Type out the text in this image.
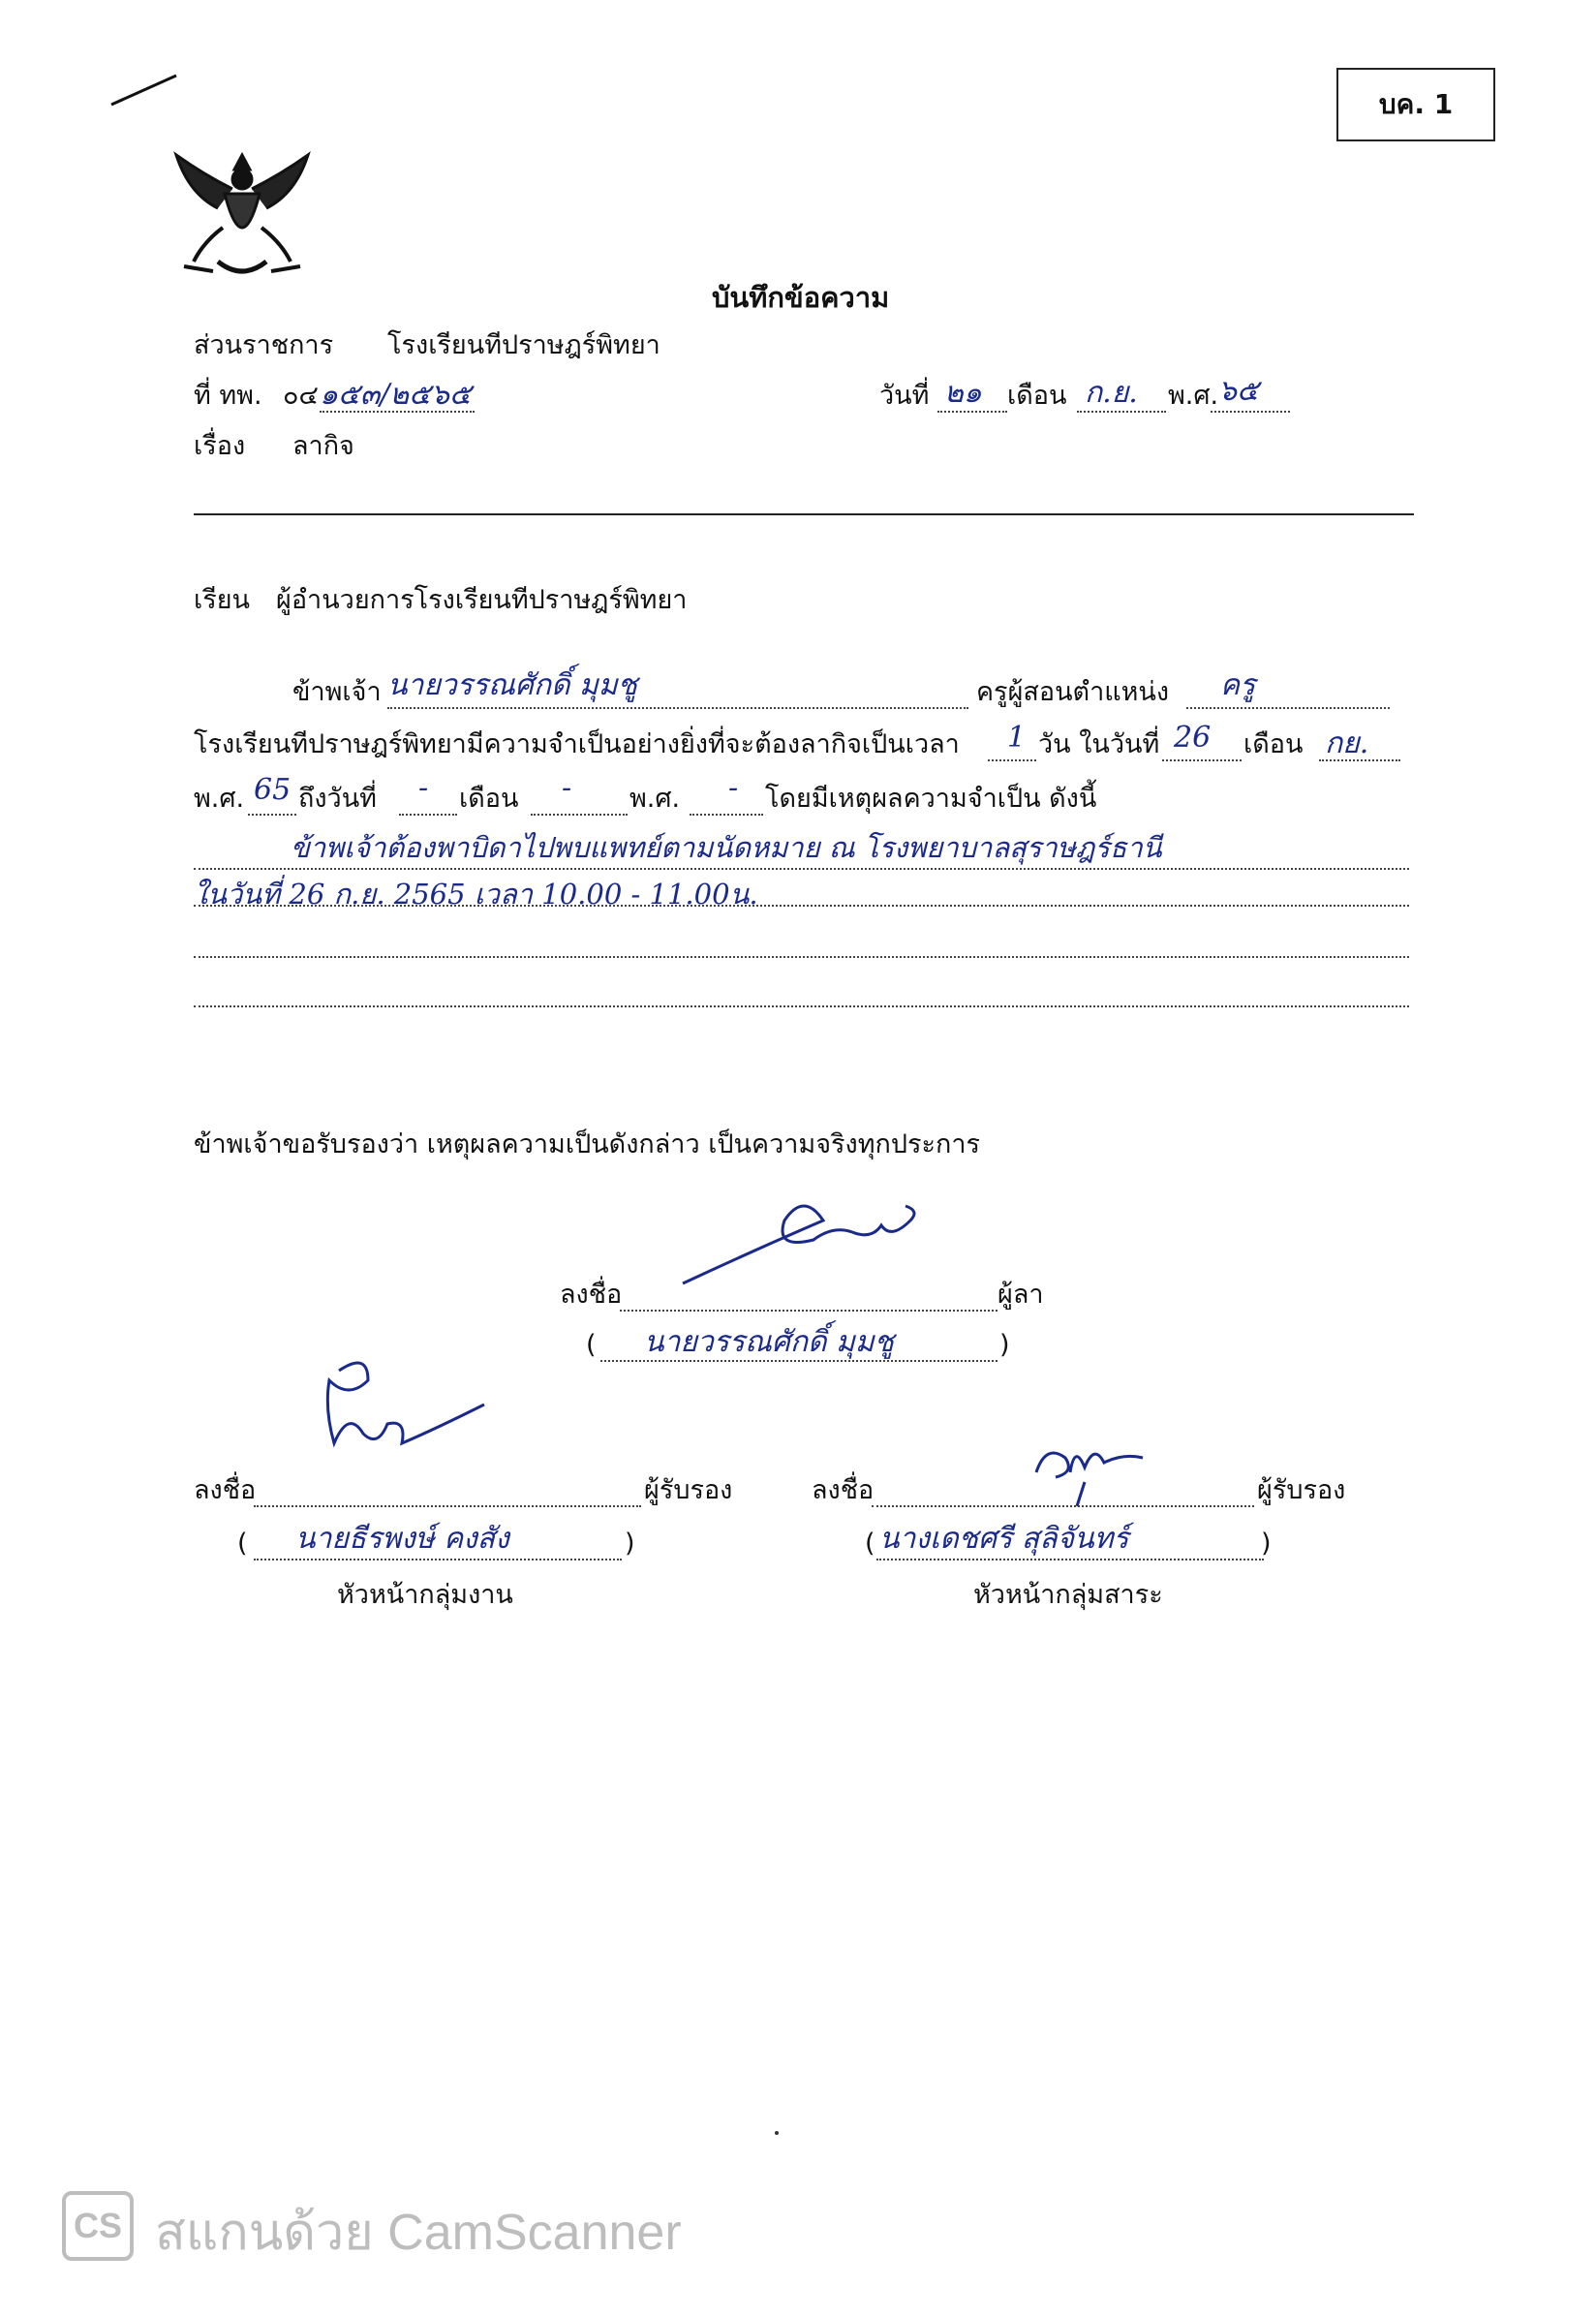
บค. 1
บันทึกข้อความ
ส่วนราชการ โรงเรียนทีปราษฎร์พิทยา
ที่ ทพ. ๐๔ ๑๕๓/๒๕๖๕	วันที่ ๒๑ เดือน ก.ย. พ.ศ. ๖๕
เรื่อง ลากิจ
เรียน ผู้อำนวยการโรงเรียนทีปราษฎร์พิทยา
ข้าพเจ้า นายวรรณศักดิ์ มุมชู	ครูผู้สอนตำแหน่ง ครู
โรงเรียนทีปราษฎร์พิทยามีความจำเป็นอย่างยิ่งที่จะต้องลากิจเป็นเวลา 1 วัน ในวันที่ 26 เดือน กย.
พ.ศ. 65 ถึงวันที่ - เดือน - พ.ศ. - โดยมีเหตุผลความจำเป็น ดังนี้
ข้าพเจ้าต้องพาบิดาไปพบแพทย์ตามนัดหมาย ณ โรงพยาบาลสุราษฎร์ธานี
ในวันที่ 26 ก.ย. 2565 เวลา 10.00 - 11.00น.
ข้าพเจ้าขอรับรองว่า เหตุผลความเป็นดังกล่าว เป็นความจริงทุกประการ
ลงชื่อ	ผู้ลา
( นายวรรณศักดิ์ มุมชู	)
ลงชื่อ	ผู้รับรอง
( นายธีรพงษ์ คงสัง	)
หัวหน้ากลุ่มงาน
ลงชื่อ	ผู้รับรอง
( นางเดชศรี สุลิจันทร์	)
หัวหน้ากลุ่มสาระ
CS สแกนด้วย CamScanner
